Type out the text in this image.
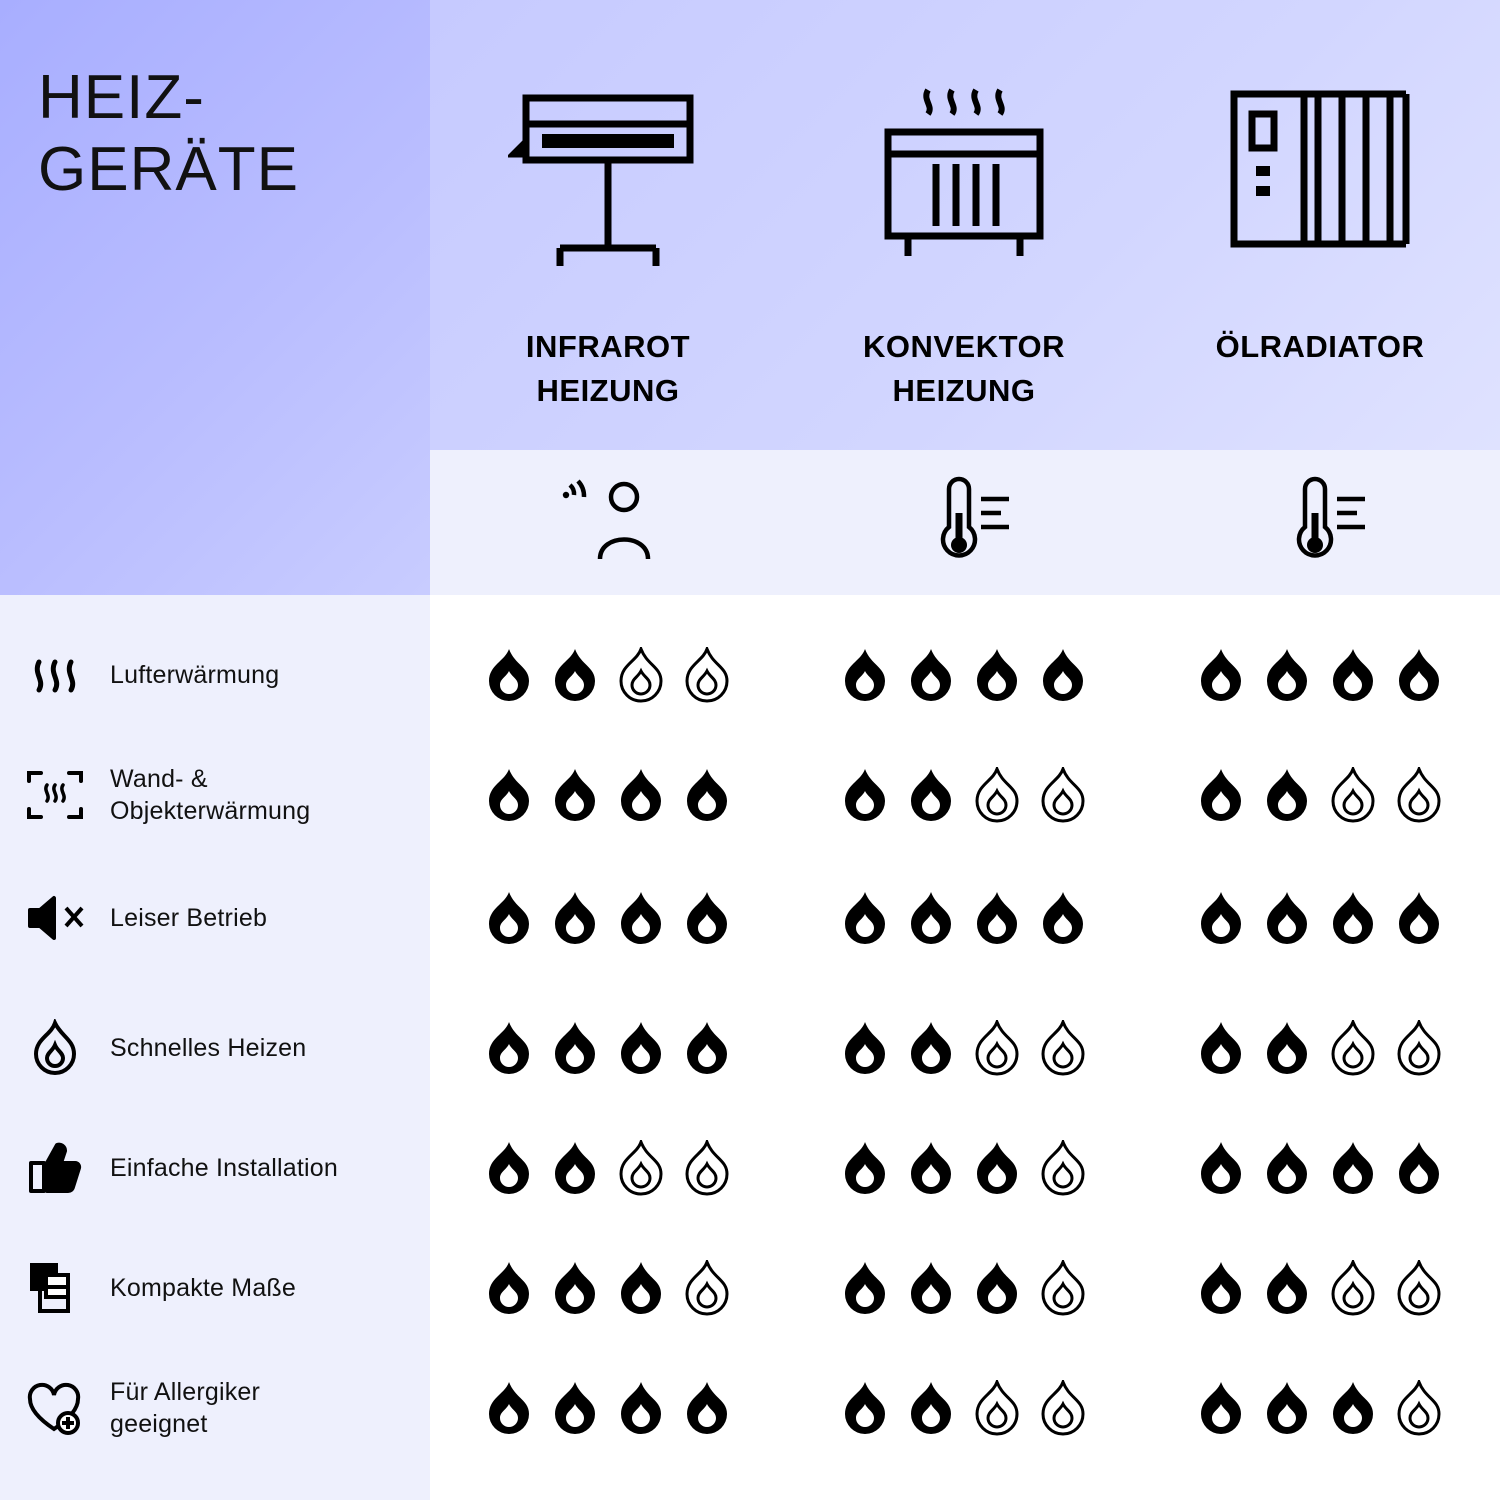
HEIZ-
GERÄTE
INFRAROT
HEIZUNG
KONVEKTOR
HEIZUNG
ÖLRADIATOR
Lufterwärmung
Wand- &
Objekterwärmung
Leiser Betrieb
Schnelles Heizen
Einfache Installation
Kompakte Maße
Für Allergiker
geeignet
